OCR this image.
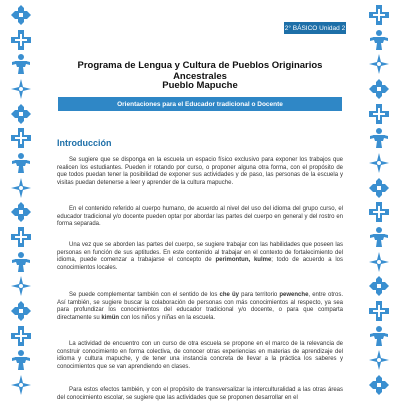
2° BÁSICO Unidad 2
Programa de Lengua y Cultura de Pueblos Originarios Ancestrales
Pueblo Mapuche
Orientaciones para el Educador tradicional o Docente
Introducción

Se sugiere que se disponga en la escuela un espacio físico exclusivo para exponer los trabajos que realicen los estudiantes. Pueden ir rotando por curso, o proponer alguna otra forma, con el propósito de que todos puedan tener la posibilidad de exponer sus actividades y de paso, las personas de la escuela y visitas puedan detenerse a leer y aprender de la cultura mapuche.

En el contenido referido al cuerpo humano, de acuerdo al nivel del uso del idioma del grupo curso, el educador tradicional y/o docente pueden optar por abordar las partes del cuerpo en general y del rostro en forma separada.

Una vez que se aborden las partes del cuerpo, se sugiere trabajar con las habilidades que poseen las personas en función de sus aptitudes. En este contenido al trabajar en el contexto de fortalecimiento del idioma, puede comenzar a trabajarse el concepto de perimontun, kulme; todo de acuerdo a los conocimientos locales.

Se puede complementar también con el sentido de los che üy para territorio pewenche, entre otros. Así también, se sugiere buscar la colaboración de personas con más conocimientos al respecto, ya sea para profundizar los conocimientos del educador tradicional y/o docente, o para que comparta directamente su kimün con los niños y niñas en la escuela.

La actividad de encuentro con un curso de otra escuela se propone en el marco de la relevancia de construir conocimiento en forma colectiva, de conocer otras experiencias en materias de aprendizaje del idioma y cultura mapuche, y de tener una instancia concreta de llevar a la práctica los saberes y conocimientos que se van aprendiendo en clases.

Para estos efectos también, y con el propósito de transversalizar la interculturalidad a las otras áreas del conocimiento escolar, se sugiere que las actividades que se proponen desarrollar en el
